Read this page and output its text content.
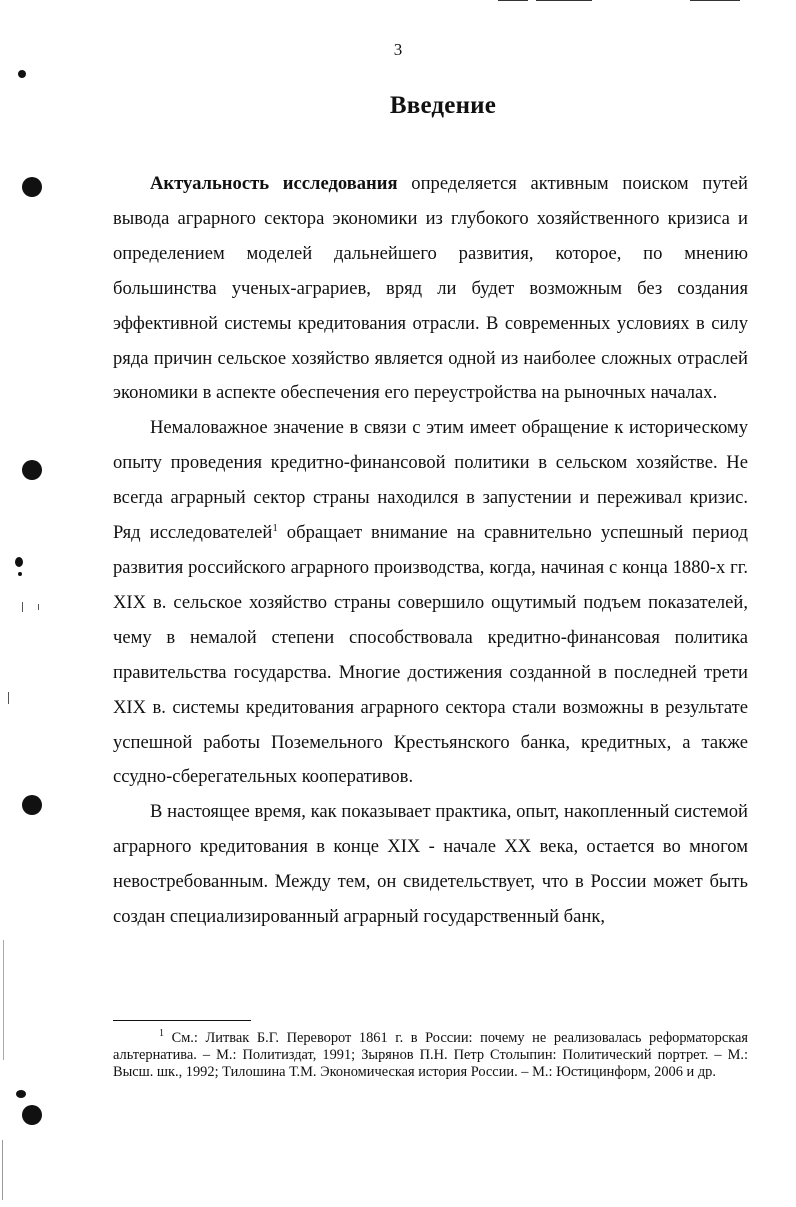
3
Введение

Актуальность исследования определяется активным поиском путей вывода аграрного сектора экономики из глубокого хозяйственного кризиса и определением моделей дальнейшего развития, которое, по мнению большинства ученых-аграриев, вряд ли будет возможным без создания эффективной системы кредитования отрасли. В современных условиях в силу ряда причин сельское хозяйство является одной из наиболее сложных отраслей экономики в аспекте обеспечения его переустройства на рыночных началах.

Немаловажное значение в связи с этим имеет обращение к историческому опыту проведения кредитно-финансовой политики в сельском хозяйстве. Не всегда аграрный сектор страны находился в запустении и переживал кризис. Ряд исследователей$^1$ обращает внимание на сравнительно успешный период развития российского аграрного производства, когда, начиная с конца 1880-х гг. XIX в. сельское хозяйство страны совершило ощутимый подъем показателей, чему в немалой степени способствовала кредитно-финансовая политика правительства государства. Многие достижения созданной в последней трети XIX в. системы кредитования аграрного сектора стали возможны в результате успешной работы Поземельного Крестьянского банка, кредитных, а также ссудно-сберегательных кооперативов.

В настоящее время, как показывает практика, опыт, накопленный системой аграрного кредитования в конце XIX - начале XX века, остается во многом невостребованным. Между тем, он свидетельствует, что в России может быть создан специализированный аграрный государственный банк,

$^1$ См.: Литвак Б.Г. Переворот 1861 г. в России: почему не реализовалась реформаторская альтернатива. – М.: Политиздат, 1991; Зырянов П.Н. Петр Столыпин: Политический портрет. – М.: Высш. шк., 1992; Тилошина Т.М. Экономическая история России. – М.: Юстицинформ, 2006 и др.
